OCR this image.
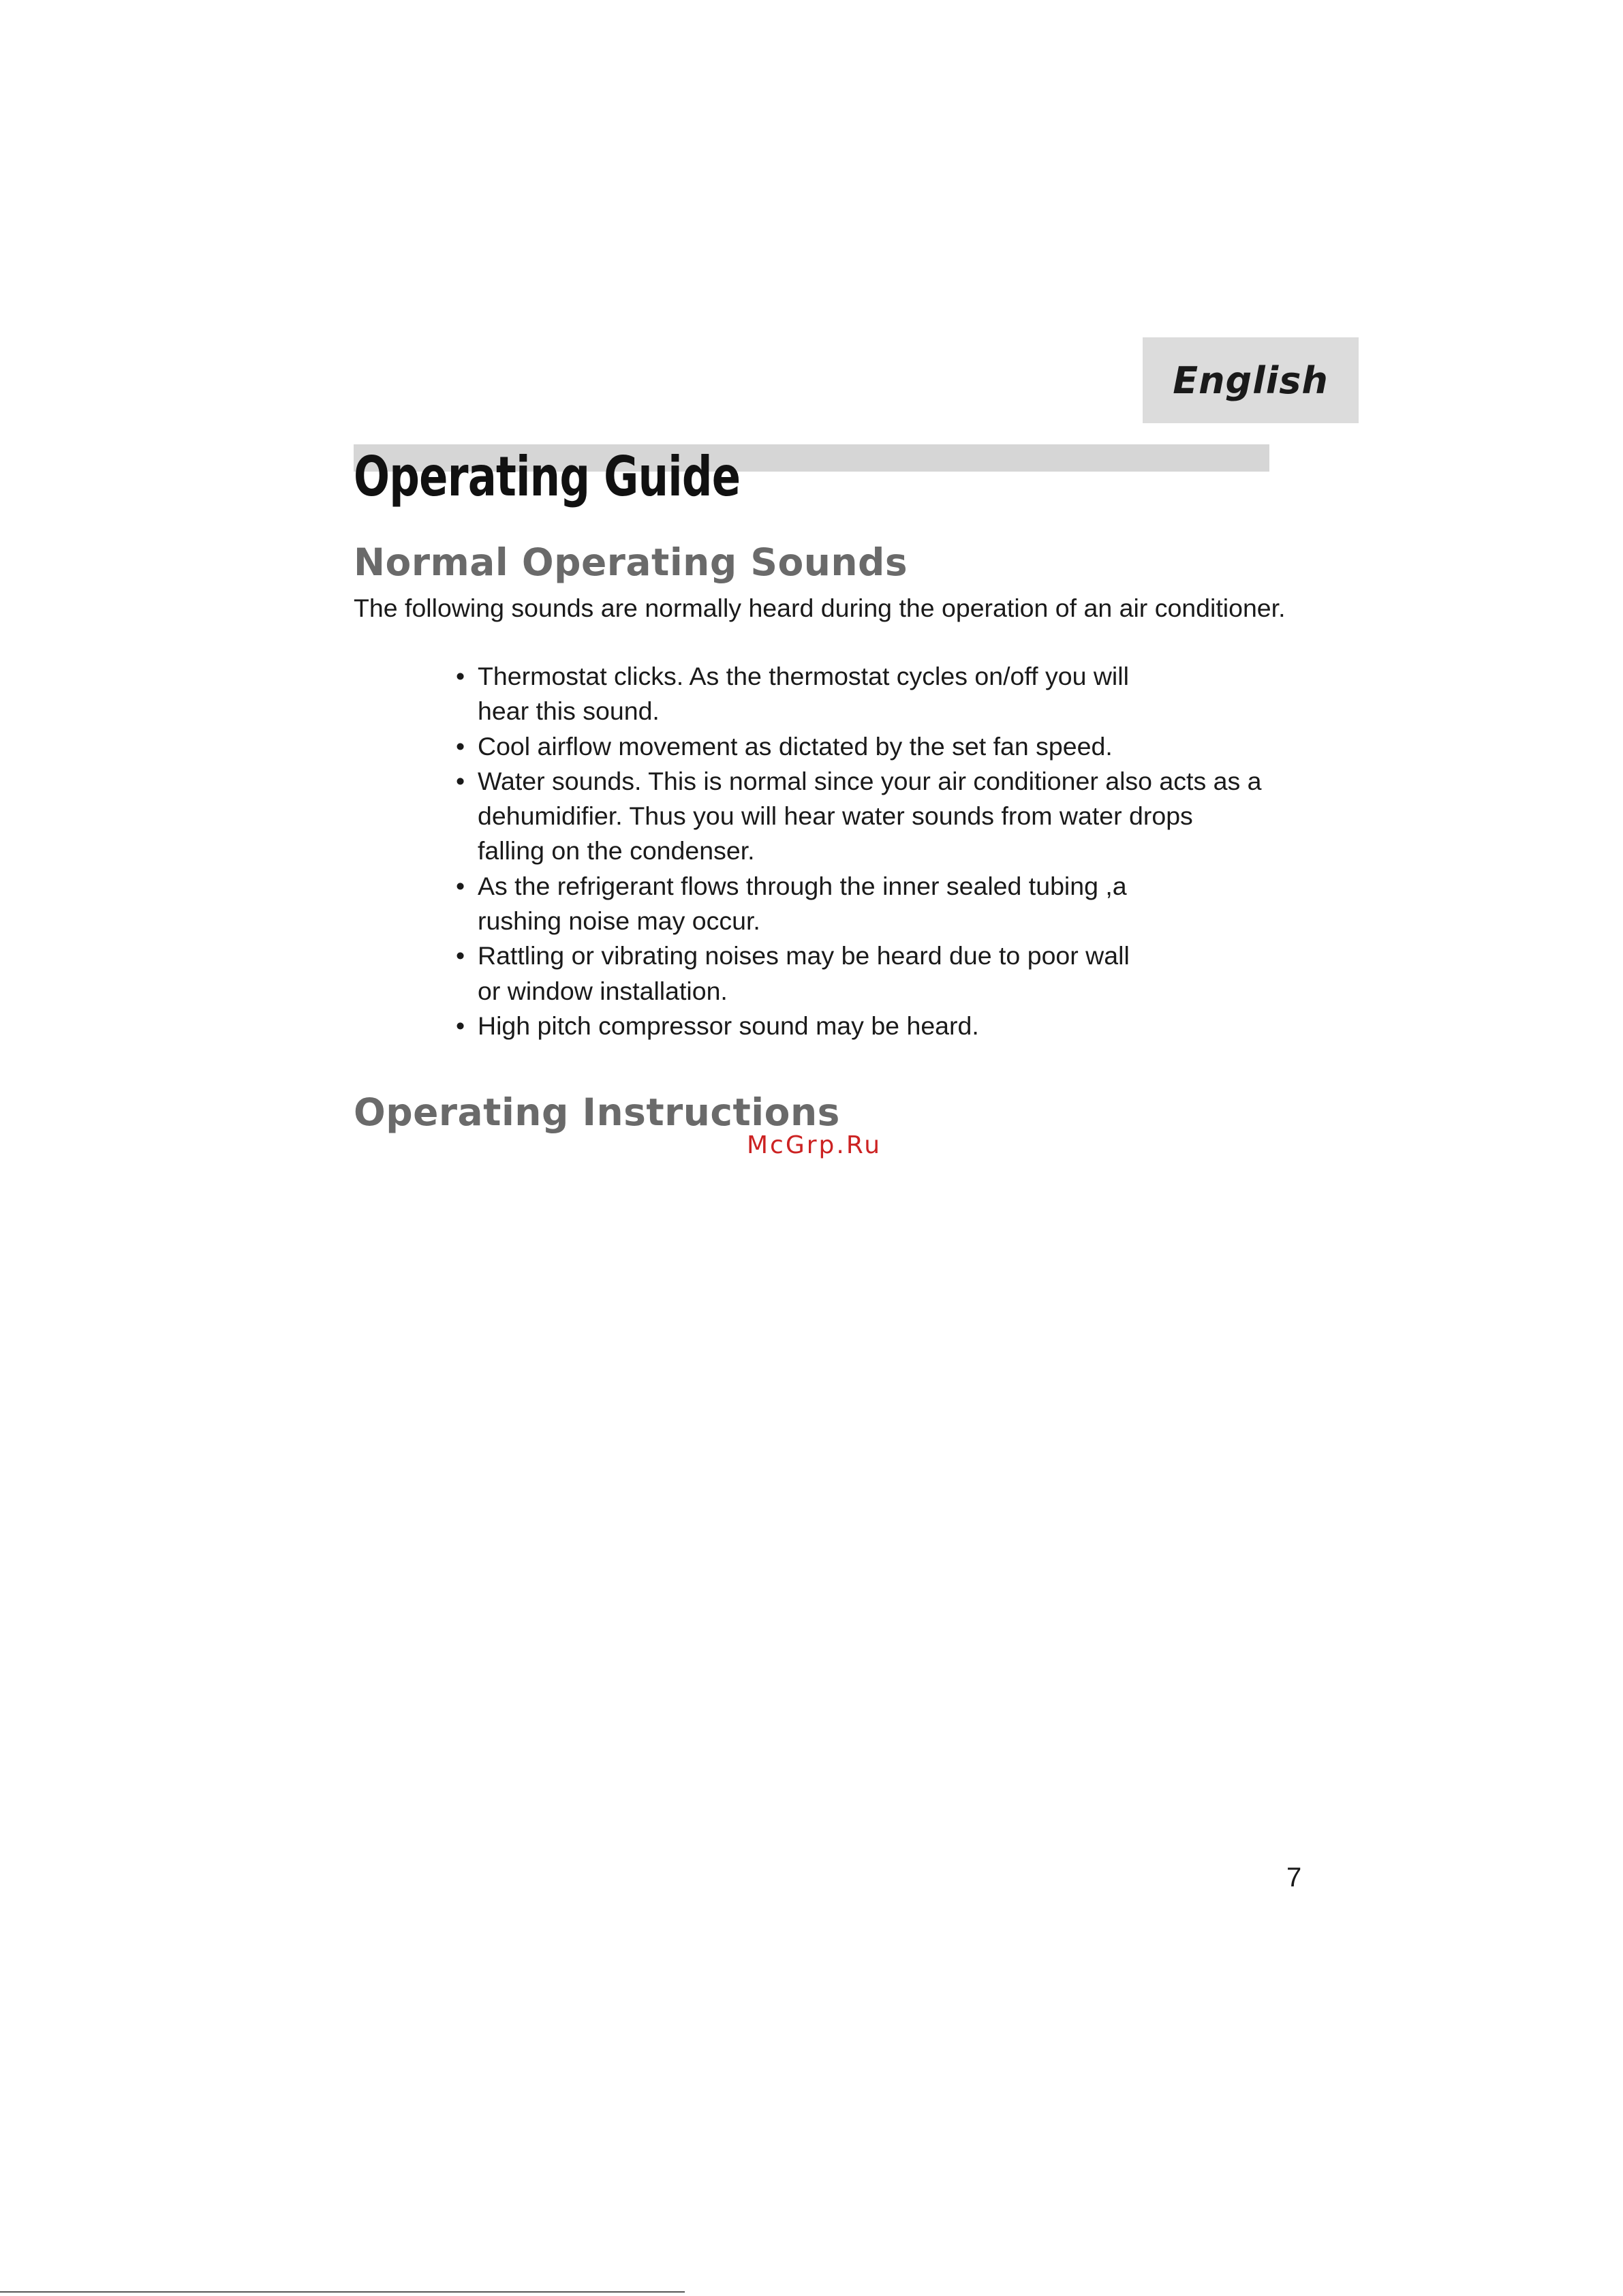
English
Operating Guide
Normal Operating Sounds

The following sounds are normally heard during the operation of an air conditioner.

• Thermostat clicks. As the thermostat cycles on/off you will
hear this sound.
• Cool airflow movement as dictated by the set fan speed.
• Water sounds. This is normal since your air conditioner also acts as a
dehumidifier. Thus you will hear water sounds from water drops
falling on the condenser.
• As the refrigerant flows through the inner sealed tubing ,a
rushing noise may occur.
• Rattling or vibrating noises may be heard due to poor wall
or window installation.
• High pitch compressor sound may be heard.
Operating Instructions
McGrp.Ru
7
